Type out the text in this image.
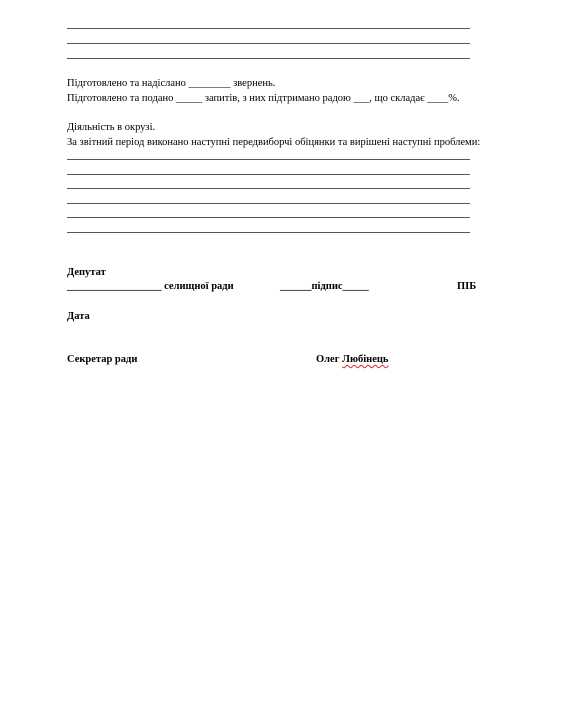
Підготовлено та надіслано ________ звернень.
Підготовлено та подано _____ запитів, з них підтримано радою ___, що складає ____%.
Діяльність в окрузі.
За звітний період виконано наступні передвиборчі обіцянки та вирішені наступні проблеми:
Депутат
__________________ селищної ради	______підпис_____	ПІБ
Дата
Секретар ради	Олег Любінець
